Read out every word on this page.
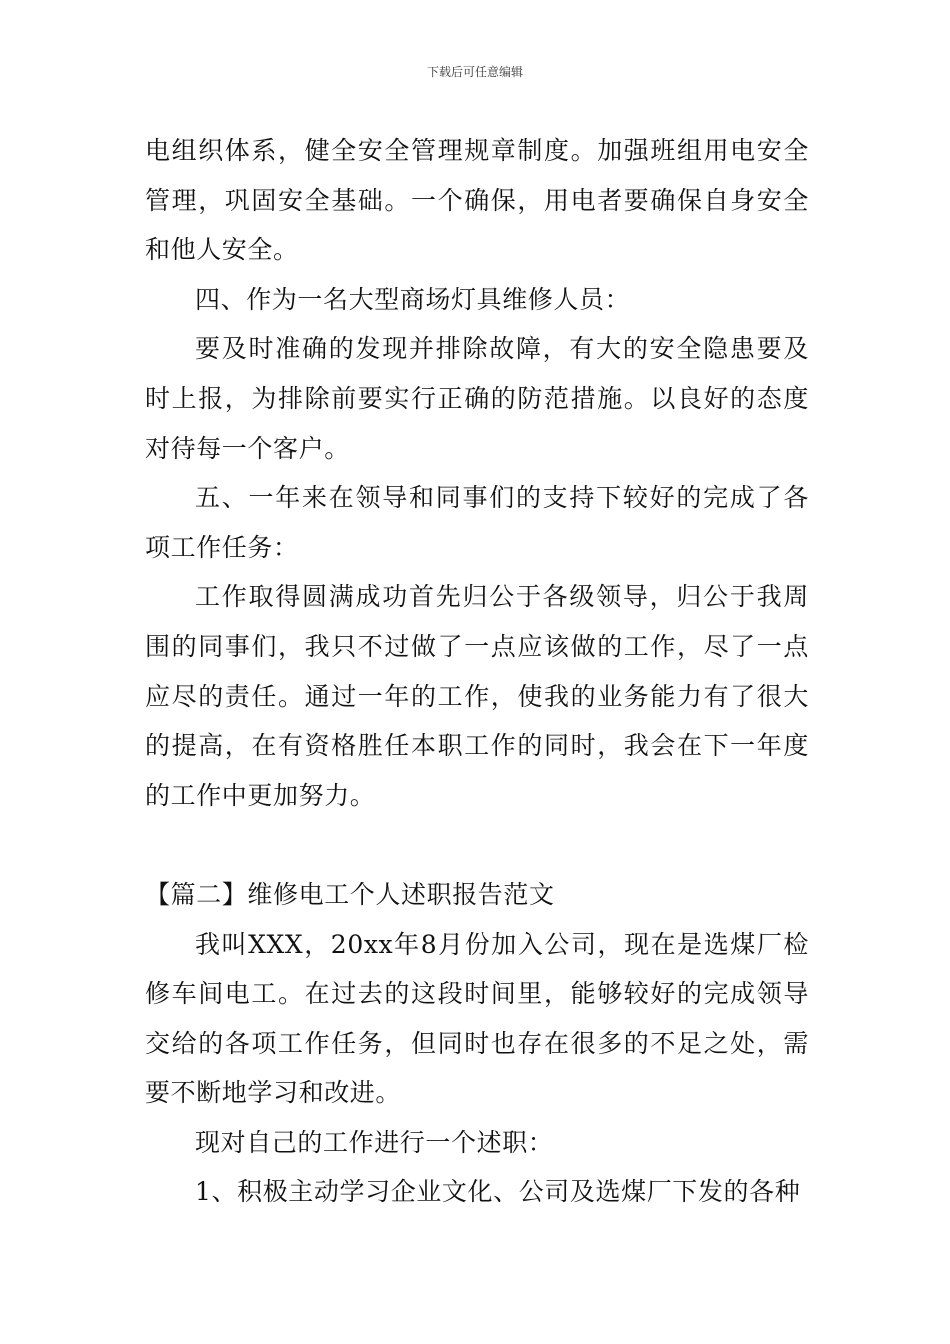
下载后可任意编辑

电组织体系，健全安全管理规章制度。加强班组用电安全管理，巩固安全基础。一个确保，用电者要确保自身安全和他人安全。

四、作为一名大型商场灯具维修人员：

要及时准确的发现并排除故障，有大的安全隐患要及时上报，为排除前要实行正确的防范措施。以良好的态度对待每一个客户。

五、一年来在领导和同事们的支持下较好的完成了各项工作任务：

工作取得圆满成功首先归公于各级领导，归公于我周围的同事们，我只不过做了一点应该做的工作，尽了一点应尽的责任。通过一年的工作，使我的业务能力有了很大的提高，在有资格胜任本职工作的同时，我会在下一年度的工作中更加努力。

【篇二】维修电工个人述职报告范文

我叫XXX，20xx年8月份加入公司，现在是选煤厂检修车间电工。在过去的这段时间里，能够较好的完成领导交给的各项工作任务，但同时也存在很多的不足之处，需要不断地学习和改进。

现对自己的工作进行一个述职：

1、积极主动学习企业文化、公司及选煤厂下发的各种
